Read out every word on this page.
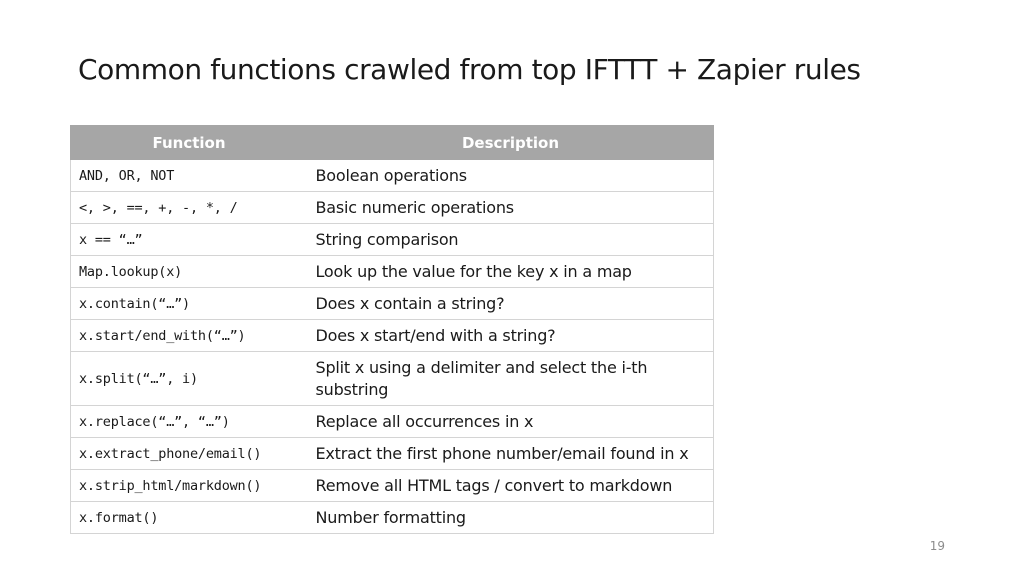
Common functions crawled from top IFTTT + Zapier rules
Function	Description
AND, OR, NOT	Boolean operations
<, >, ==, +, -, *, /	Basic numeric operations
x == “…”	String comparison
Map.lookup(x)	Look up the value for the key x in a map
x.contain(“…”)	Does x contain a string?
x.start/end_with(“…”)	Does x start/end with a string?
x.split(“…”, i)	Split x using a delimiter and select the i-th substring
x.replace(“…”, “…”)	Replace all occurrences in x
x.extract_phone/email()	Extract the first phone number/email found in x
x.strip_html/markdown()	Remove all HTML tags / convert to markdown
x.format()	Number formatting
19
